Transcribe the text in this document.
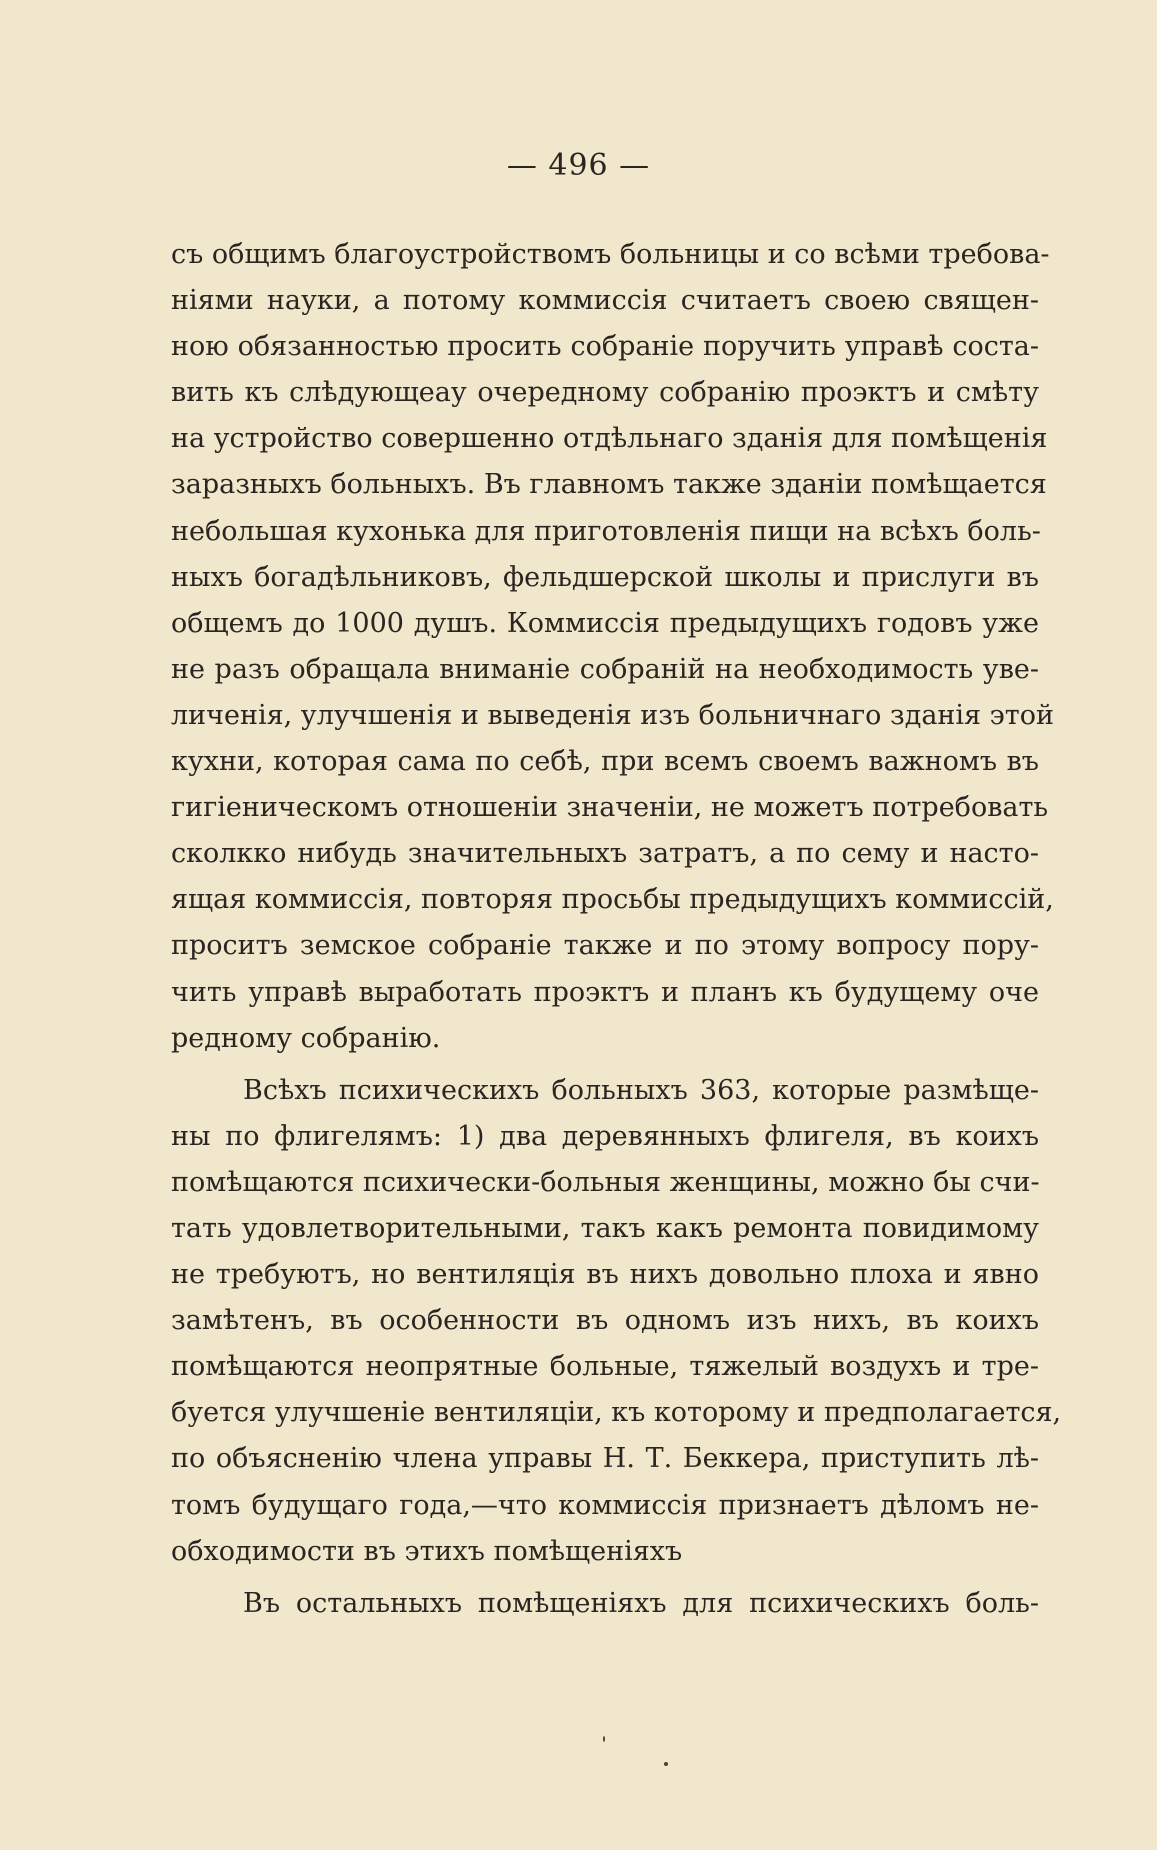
— 496 —
съ общимъ благоустройствомъ больницы и со всѣми требова-
ніями науки, а потому коммиссія считаетъ своею священ-
ною обязанностью просить собраніе поручить управѣ соста-
вить къ слѣдующеау очередному собранію проэктъ и смѣту
на устройство совершенно отдѣльнаго зданія для помѣщенія
заразныхъ больныхъ. Въ главномъ также зданіи помѣщается
небольшая кухонька для приготовленія пищи на всѣхъ боль-
ныхъ богадѣльниковъ, фельдшерской школы и прислуги въ
общемъ до 1000 душъ. Коммиссія предыдущихъ годовъ уже
не разъ обращала вниманіе собраній на необходимость уве-
личенія, улучшенія и выведенія изъ больничнаго зданія этой
кухни, которая сама по себѣ, при всемъ своемъ важномъ въ
гигіеническомъ отношеніи значеніи, не можетъ потребовать
сколкко нибудь значительныхъ затратъ, а по сему и насто-
ящая коммиссія, повторяя просьбы предыдущихъ коммиссій,
проситъ земское собраніе также и по этому вопросу пору-
чить управѣ выработать проэктъ и планъ къ будущему оче
редному собранію.
Всѣхъ психическихъ больныхъ 363, которые размѣще-
ны по флигелямъ: 1) два деревянныхъ флигеля, въ коихъ
помѣщаются психически-больныя женщины, можно бы счи-
тать удовлетворительными, такъ какъ ремонта повидимому
не требуютъ, но вентиляція въ нихъ довольно плоха и явно
замѣтенъ, въ особенности въ одномъ изъ нихъ, въ коихъ
помѣщаются неопрятные больные, тяжелый воздухъ и тре-
буется улучшеніе вентиляціи, къ которому и предполагается,
по объясненію члена управы Н. Т. Беккера, приступить лѣ-
томъ будущаго года,—что коммиссія признаетъ дѣломъ не-
обходимости въ этихъ помѣщеніяхъ
Въ остальныхъ помѣщеніяхъ для психическихъ боль-
